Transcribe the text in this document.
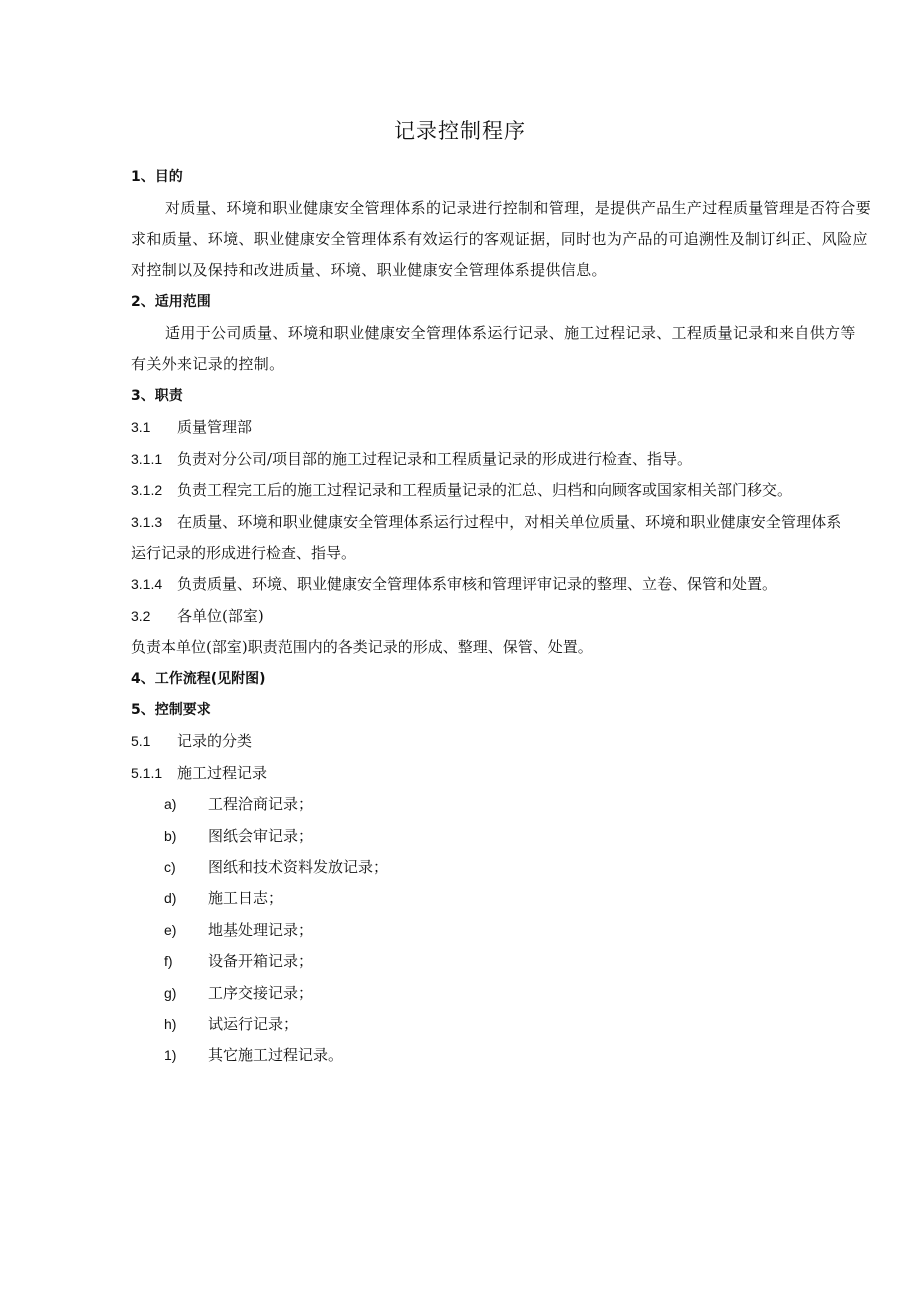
记录控制程序
1、目的
对质量、环境和职业健康安全管理体系的记录进行控制和管理，是提供产品生产过程质量管理是否符合要
求和质量、环境、职业健康安全管理体系有效运行的客观证据，同时也为产品的可追溯性及制订纠正、风险应
对控制以及保持和改进质量、环境、职业健康安全管理体系提供信息。
2、适用范围
适用于公司质量、环境和职业健康安全管理体系运行记录、施工过程记录、工程质量记录和来自供方等
有关外来记录的控制。
3、职责
3.1 质量管理部
3.1.1 负责对分公司/项目部的施工过程记录和工程质量记录的形成进行检查、指导。
3.1.2 负责工程完工后的施工过程记录和工程质量记录的汇总、归档和向顾客或国家相关部门移交。
3.1.3 在质量、环境和职业健康安全管理体系运行过程中，对相关单位质量、环境和职业健康安全管理体系
运行记录的形成进行检查、指导。
3.1.4 负责质量、环境、职业健康安全管理体系审核和管理评审记录的整理、立卷、保管和处置。
3.2 各单位(部室)
负责本单位(部室)职责范围内的各类记录的形成、整理、保管、处置。
4、工作流程(见附图)
5、控制要求
5.1 记录的分类
5.1.1 施工过程记录
a) 工程洽商记录；
b) 图纸会审记录；
c) 图纸和技术资料发放记录；
d) 施工日志；
e) 地基处理记录；
f) 设备开箱记录；
g) 工序交接记录；
h) 试运行记录；
1) 其它施工过程记录。
